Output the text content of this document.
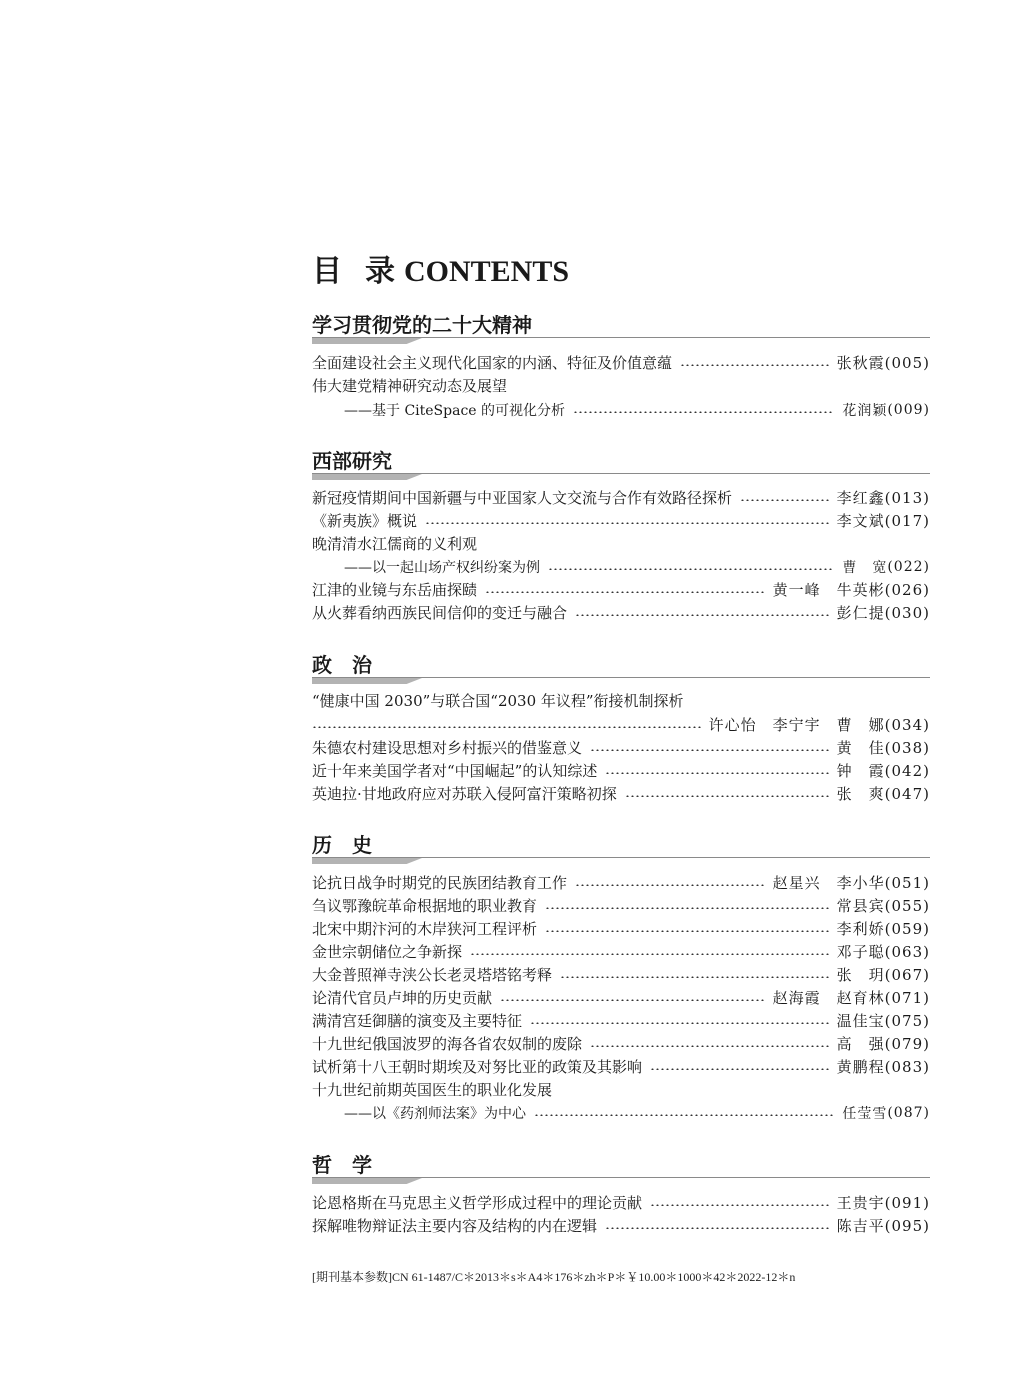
目 录 CONTENTS
[期刊基本参数]CN 61-1487/C＊2013＊s＊A4＊176＊zh＊P＊￥10.00＊1000＊42＊2022-12＊n
学习贯彻党的二十大精神
全面建设社会主义现代化国家的内涵、特征及价值意蕴	张秋霞 (005)
伟大建党精神研究动态及展望
——基于 CiteSpace 的可视化分析	花润颖 (009)
西部研究
新冠疫情期间中国新疆与中亚国家人文交流与合作有效路径探析	李红鑫 (013)
《新夷族》概说	李文斌 (017)
晚清清水江儒商的义利观
——以一起山场产权纠纷案为例	曹　宽 (022)
江津的业镜与东岳庙探赜	黄一峰 牛英彬 (026)
从火葬看纳西族民间信仰的变迁与融合	彭仁提 (030)
政　治
“健康中国 2030”与联合国“2030 年议程”衔接机制探析
许心怡 李宁宇 曹　娜 (034)
朱德农村建设思想对乡村振兴的借鉴意义	黄　佳 (038)
近十年来美国学者对“中国崛起”的认知综述	钟　霞 (042)
英迪拉·甘地政府应对苏联入侵阿富汗策略初探	张　爽 (047)
历　史
论抗日战争时期党的民族团结教育工作	赵星兴 李小华 (051)
刍议鄂豫皖革命根据地的职业教育	常县宾 (055)
北宋中期汴河的木岸狭河工程评析	李利娇 (059)
金世宗朝储位之争新探	邓子聪 (063)
大金普照禅寺浃公长老灵塔塔铭考释	张　玥 (067)
论清代官员卢坤的历史贡献	赵海霞 赵育林 (071)
满清宫廷御膳的演变及主要特征	温佳宝 (075)
十九世纪俄国波罗的海各省农奴制的废除	高　强 (079)
试析第十八王朝时期埃及对努比亚的政策及其影响	黄鹏程 (083)
十九世纪前期英国医生的职业化发展
——以《药剂师法案》为中心	任莹雪 (087)
哲　学
论恩格斯在马克思主义哲学形成过程中的理论贡献	王贵宇 (091)
探解唯物辩证法主要内容及结构的内在逻辑	陈吉平 (095)
